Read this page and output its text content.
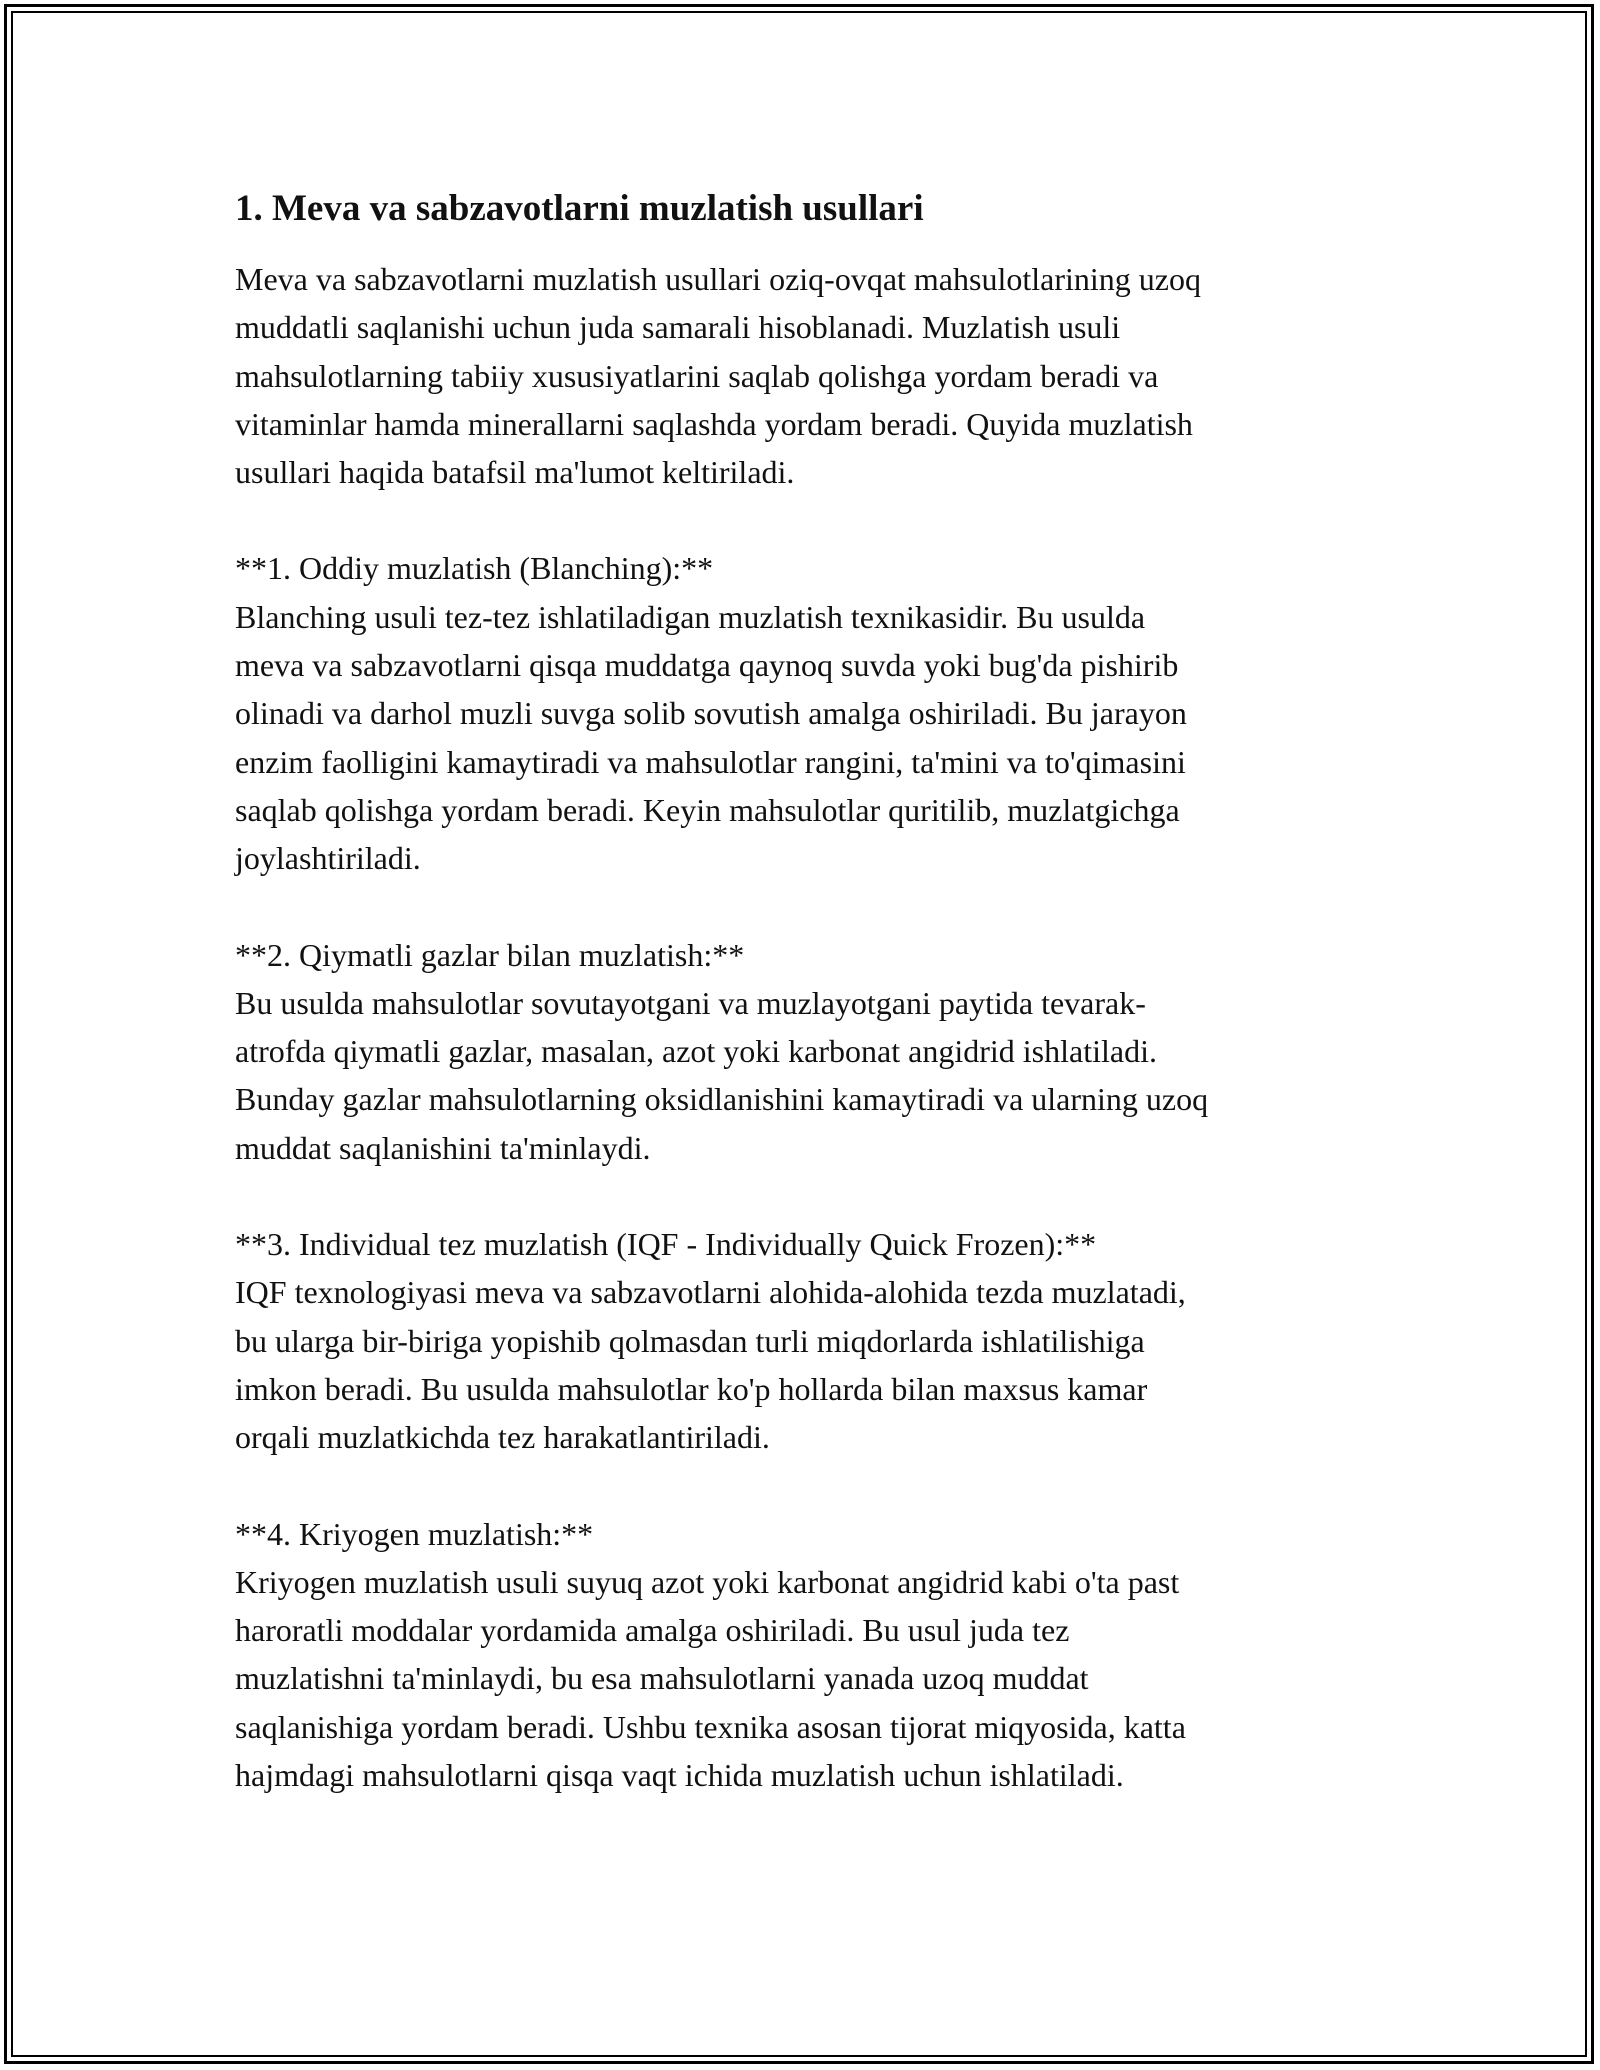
1. Meva va sabzavotlarni muzlatish usullari

Meva va sabzavotlarni muzlatish usullari oziq-ovqat mahsulotlarining uzoq
muddatli saqlanishi uchun juda samarali hisoblanadi. Muzlatish usuli
mahsulotlarning tabiiy xususiyatlarini saqlab qolishga yordam beradi va
vitaminlar hamda minerallarni saqlashda yordam beradi. Quyida muzlatish
usullari haqida batafsil ma'lumot keltiriladi.

**1. Oddiy muzlatish (Blanching):**

Blanching usuli tez-tez ishlatiladigan muzlatish texnikasidir. Bu usulda
meva va sabzavotlarni qisqa muddatga qaynoq suvda yoki bug'da pishirib
olinadi va darhol muzli suvga solib sovutish amalga oshiriladi. Bu jarayon
enzim faolligini kamaytiradi va mahsulotlar rangini, ta'mini va to'qimasini
saqlab qolishga yordam beradi. Keyin mahsulotlar quritilib, muzlatgichga
joylashtiriladi.

**2. Qiymatli gazlar bilan muzlatish:**

Bu usulda mahsulotlar sovutayotgani va muzlayotgani paytida tevarak-
atrofda qiymatli gazlar, masalan, azot yoki karbonat angidrid ishlatiladi.
Bunday gazlar mahsulotlarning oksidlanishini kamaytiradi va ularning uzoq
muddat saqlanishini ta'minlaydi.

**3. Individual tez muzlatish (IQF - Individually Quick Frozen):**

IQF texnologiyasi meva va sabzavotlarni alohida-alohida tezda muzlatadi,
bu ularga bir-biriga yopishib qolmasdan turli miqdorlarda ishlatilishiga
imkon beradi. Bu usulda mahsulotlar ko'p hollarda bilan maxsus kamar
orqali muzlatkichda tez harakatlantiriladi.

**4. Kriyogen muzlatish:**

Kriyogen muzlatish usuli suyuq azot yoki karbonat angidrid kabi o'ta past
haroratli moddalar yordamida amalga oshiriladi. Bu usul juda tez
muzlatishni ta'minlaydi, bu esa mahsulotlarni yanada uzoq muddat
saqlanishiga yordam beradi. Ushbu texnika asosan tijorat miqyosida, katta
hajmdagi mahsulotlarni qisqa vaqt ichida muzlatish uchun ishlatiladi.
